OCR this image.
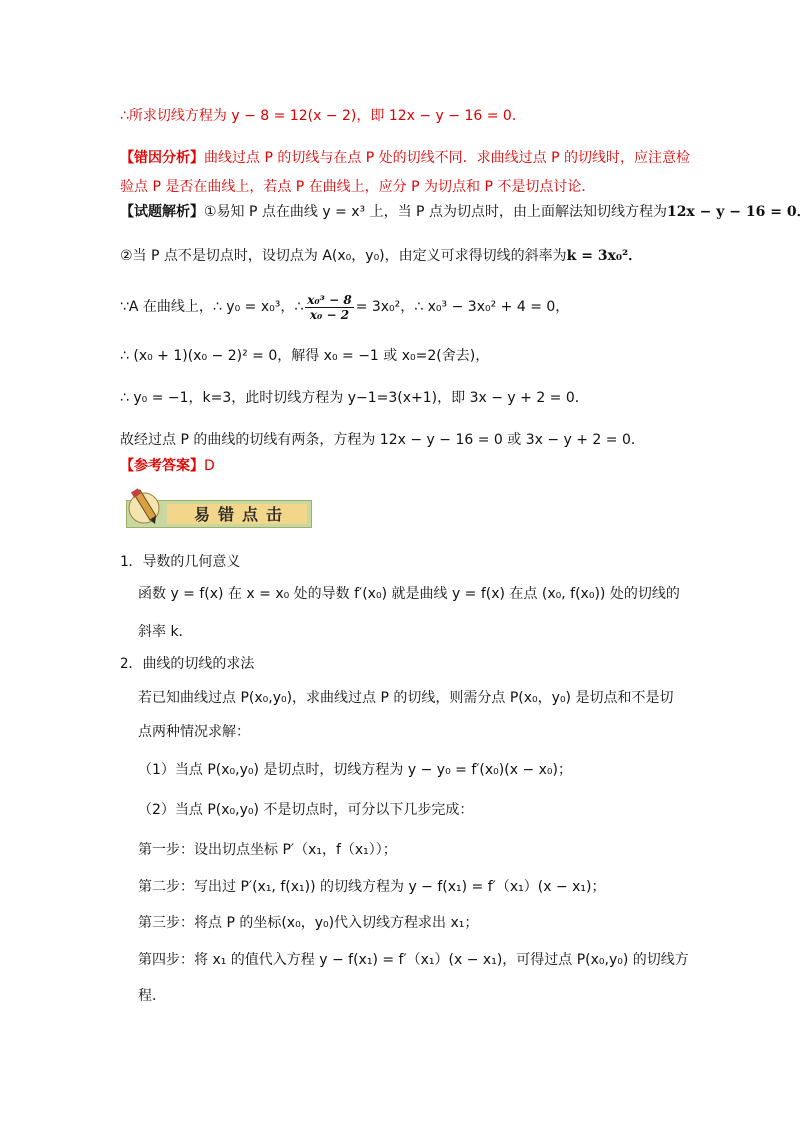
∴所求切线方程为 y − 8 = 12(x − 2)，即 12x − y − 16 = 0．
【错因分析】曲线过点 P 的切线与在点 P 处的切线不同．求曲线过点 P 的切线时，应注意检
验点 P 是否在曲线上，若点 P 在曲线上，应分 P 为切点和 P 不是切点讨论．
【试题解析】①易知 P 点在曲线 y = x³ 上，当 P 点为切点时，由上面解法知切线方程为12x − y − 16 = 0．
②当 P 点不是切点时，设切点为 A(x₀，y₀)，由定义可求得切线的斜率为k = 3x₀²．
∵A 在曲线上，∴ y₀ = x₀³，∴ $\frac{\text{x₀³ − 8}}{\text{x₀ − 2}} = 3x_0^2$，∴ x₀³ − 3x₀² + 4 = 0，
∴ (x₀ + 1)(x₀ − 2)² = 0，解得 x₀ = −1 或 x₀=2(舍去)，
∴ y₀ = −1，k=3，此时切线方程为 y−1=3(x+1)，即 3x − y + 2 = 0．
故经过点 P 的曲线的切线有两条，方程为 12x − y − 16 = 0 或 3x − y + 2 = 0．
【参考答案】D
易错点击
1．导数的几何意义
函数 y = f(x) 在 x = x₀ 处的导数 f′(x₀) 就是曲线 y = f(x) 在点 (x₀, f(x₀)) 处的切线的
斜率 k．
2．曲线的切线的求法
若已知曲线过点 P(x₀,y₀)，求曲线过点 P 的切线，则需分点 P(x₀，y₀) 是切点和不是切
点两种情况求解：
（1）当点 P(x₀,y₀) 是切点时，切线方程为 y − y₀ = f′(x₀)(x − x₀)；
（2）当点 P(x₀,y₀) 不是切点时，可分以下几步完成：
第一步：设出切点坐标 P′（x₁，f（x₁））；
第二步：写出过 P′(x₁, f(x₁)) 的切线方程为 y − f(x₁) = f′（x₁）(x − x₁)；
第三步：将点 P 的坐标(x₀，y₀)代入切线方程求出 x₁；
第四步：将 x₁ 的值代入方程 y − f(x₁) = f′（x₁）(x − x₁)，可得过点 P(x₀,y₀) 的切线方
程．
